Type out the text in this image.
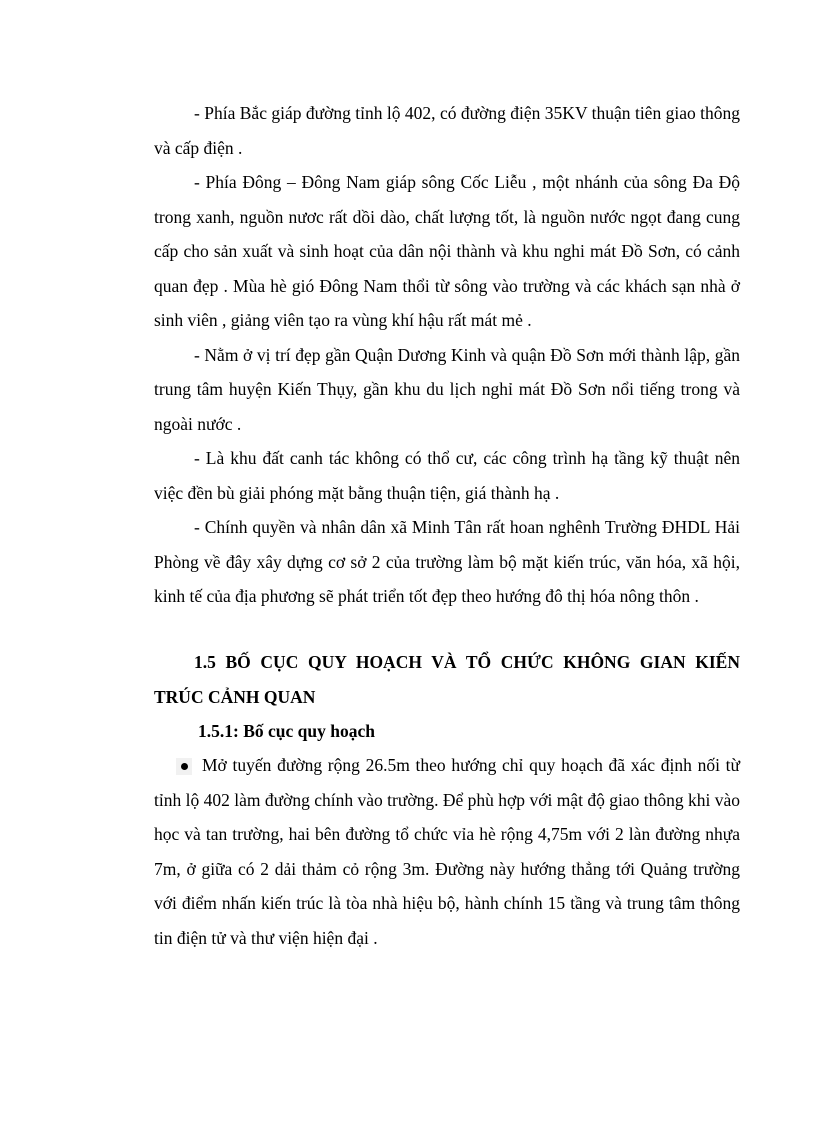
- Phía Bắc giáp đường tỉnh lộ 402, có đường điện 35KV thuận tiên giao thông và cấp điện .

- Phía Đông – Đông Nam giáp sông Cốc Liễu , một nhánh của sông Đa Độ trong xanh, nguồn nươc rất dồi dào, chất lượng tốt, là nguồn nước ngọt đang cung cấp cho sản xuất và sinh hoạt của dân nội thành và khu nghi mát Đồ Sơn, có cảnh quan đẹp . Mùa hè gió Đông Nam thổi từ sông vào trường và các khách sạn nhà ở sinh viên , giảng viên tạo ra vùng khí hậu rất mát mẻ .

- Nằm ở vị trí đẹp gần Quận Dương Kinh và quận Đồ Sơn mới thành lập, gần trung tâm huyện Kiến Thụy, gần khu du lịch nghỉ mát Đồ Sơn nổi tiếng trong và ngoài nước .

- Là khu đất canh tác không có thổ cư, các công trình hạ tầng kỹ thuật nên việc đền bù giải phóng mặt bằng thuận tiện, giá thành hạ .

- Chính quyền và nhân dân xã Minh Tân rất hoan nghênh Trường ĐHDL Hải Phòng về đây xây dựng cơ sở 2 của trường làm bộ mặt kiến trúc, văn hóa, xã hội, kinh tế của địa phương sẽ phát triển tốt đẹp theo hướng đô thị hóa nông thôn .

1.5 BỐ CỤC QUY HOẠCH VÀ TỔ CHỨC KHÔNG GIAN KIẾN TRÚC CẢNH QUAN
1.5.1: Bố cục quy hoạch

Mở tuyến đường rộng 26.5m theo hướng chỉ quy hoạch đã xác định nối từ tỉnh lộ 402 làm đường chính vào trường. Để phù hợp với mật độ giao thông khi vào học và tan trường, hai bên đường tổ chức vỉa hè rộng 4,75m với 2 làn đường nhựa 7m, ở giữa có 2 dải thảm cỏ rộng 3m. Đường này hướng thẳng tới Quảng trường với điểm nhấn kiến trúc là tòa nhà hiệu bộ, hành chính 15 tầng và trung tâm thông tin điện tử và thư viện hiện đại .
